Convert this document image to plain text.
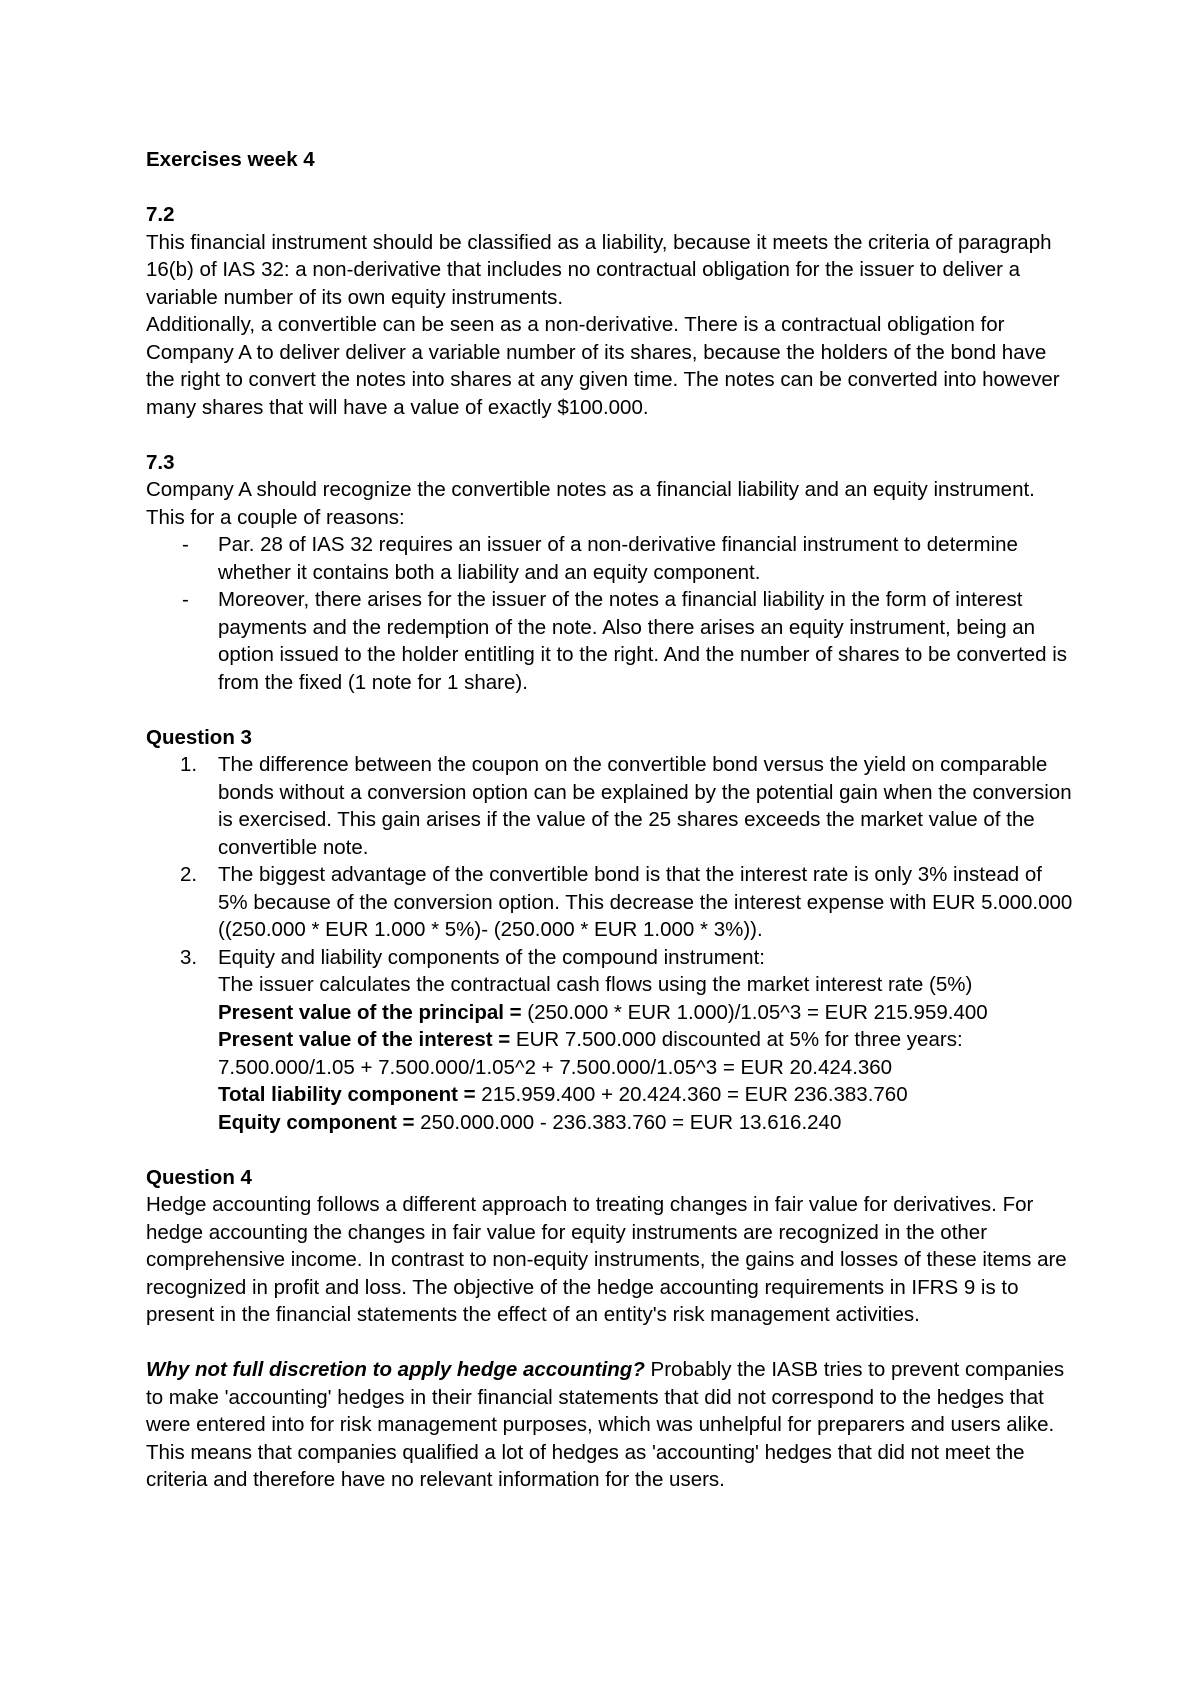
Exercises week 4
7.2

This financial instrument should be classified as a liability, because it meets the criteria of paragraph 16(b) of IAS 32: a non-derivative that includes no contractual obligation for the issuer to deliver a variable number of its own equity instruments.

Additionally, a convertible can be seen as a non-derivative. There is a contractual obligation for Company A to deliver deliver a variable number of its shares, because the holders of the bond have the right to convert the notes into shares at any given time. The notes can be converted into however many shares that will have a value of exactly $100.000.

7.3

Company A should recognize the convertible notes as a financial liability and an equity instrument. This for a couple of reasons:

- Par. 28 of IAS 32 requires an issuer of a non-derivative financial instrument to determine whether it contains both a liability and an equity component.
- Moreover, there arises for the issuer of the notes a financial liability in the form of interest payments and the redemption of the note. Also there arises an equity instrument, being an option issued to the holder entitling it to the right. And the number of shares to be converted is from the fixed (1 note for 1 share).
Question 3
1. The difference between the coupon on the convertible bond versus the yield on comparable bonds without a conversion option can be explained by the potential gain when the conversion is exercised. This gain arises if the value of the 25 shares exceeds the market value of the convertible note.
2. The biggest advantage of the convertible bond is that the interest rate is only 3% instead of 5% because of the conversion option. This decrease the interest expense with EUR 5.000.000 ((250.000 * EUR 1.000 * 5%)- (250.000 * EUR 1.000 * 3%)).
3. Equity and liability components of the compound instrument:
The issuer calculates the contractual cash flows using the market interest rate (5%)
Present value of the principal = (250.000 * EUR 1.000)/1.05^3 = EUR 215.959.400
Present value of the interest = EUR 7.500.000 discounted at 5% for three years:
7.500.000/1.05 + 7.500.000/1.05^2 + 7.500.000/1.05^3 = EUR 20.424.360
Total liability component = 215.959.400 + 20.424.360 = EUR 236.383.760
Equity component = 250.000.000 - 236.383.760 = EUR 13.616.240
Question 4

Hedge accounting follows a different approach to treating changes in fair value for derivatives. For hedge accounting the changes in fair value for equity instruments are recognized in the other comprehensive income. In contrast to non-equity instruments, the gains and losses of these items are recognized in profit and loss. The objective of the hedge accounting requirements in IFRS 9 is to present in the financial statements the effect of an entity's risk management activities.

Why not full discretion to apply hedge accounting? Probably the IASB tries to prevent companies to make 'accounting' hedges in their financial statements that did not correspond to the hedges that were entered into for risk management purposes, which was unhelpful for preparers and users alike. This means that companies qualified a lot of hedges as 'accounting' hedges that did not meet the criteria and therefore have no relevant information for the users.
